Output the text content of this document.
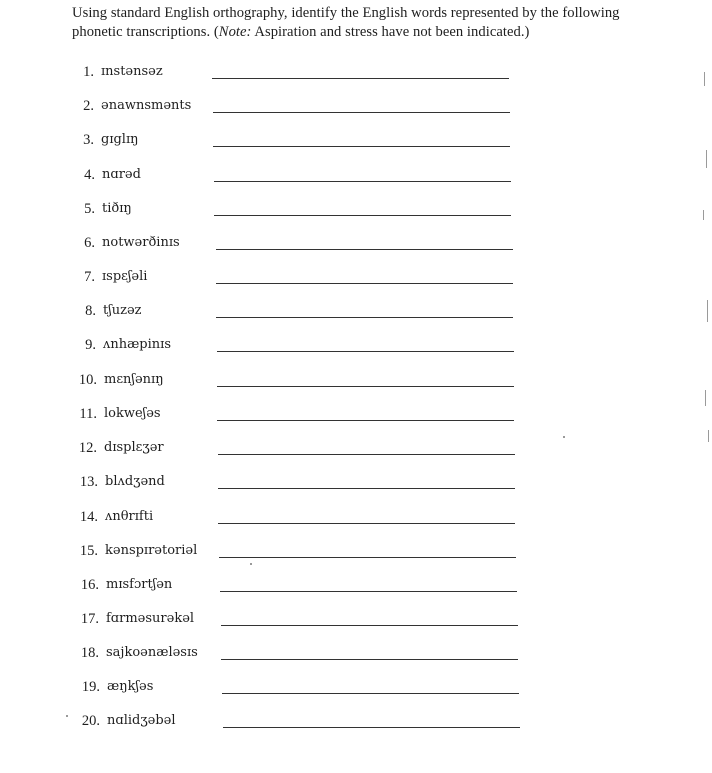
Using standard English orthography, identify the English words represented by the following phonetic transcriptions. (Note: Aspiration and stress have not been indicated.)
1. ɪnstənsəz
2. ənawnsmənts
3. gɪglɪŋ
4. nɑrəd
5. tiðɪŋ
6. notwərðinɪs
7. ɪspɛʃəli
8. tʃuzəz
9. ʌnhæpinɪs
10. mɛnʃənɪŋ
11. lokweʃəs
12. dɪsplɛʒər
13. blʌdʒənd
14. ʌnθrɪfti
15. kənspɪrətoriəl
16. mɪsfɔrtʃən
17. fɑrməsurəkəl
18. sajkoənæləsɪs
19. æŋkʃəs
20. nɑlidʒəbəl
